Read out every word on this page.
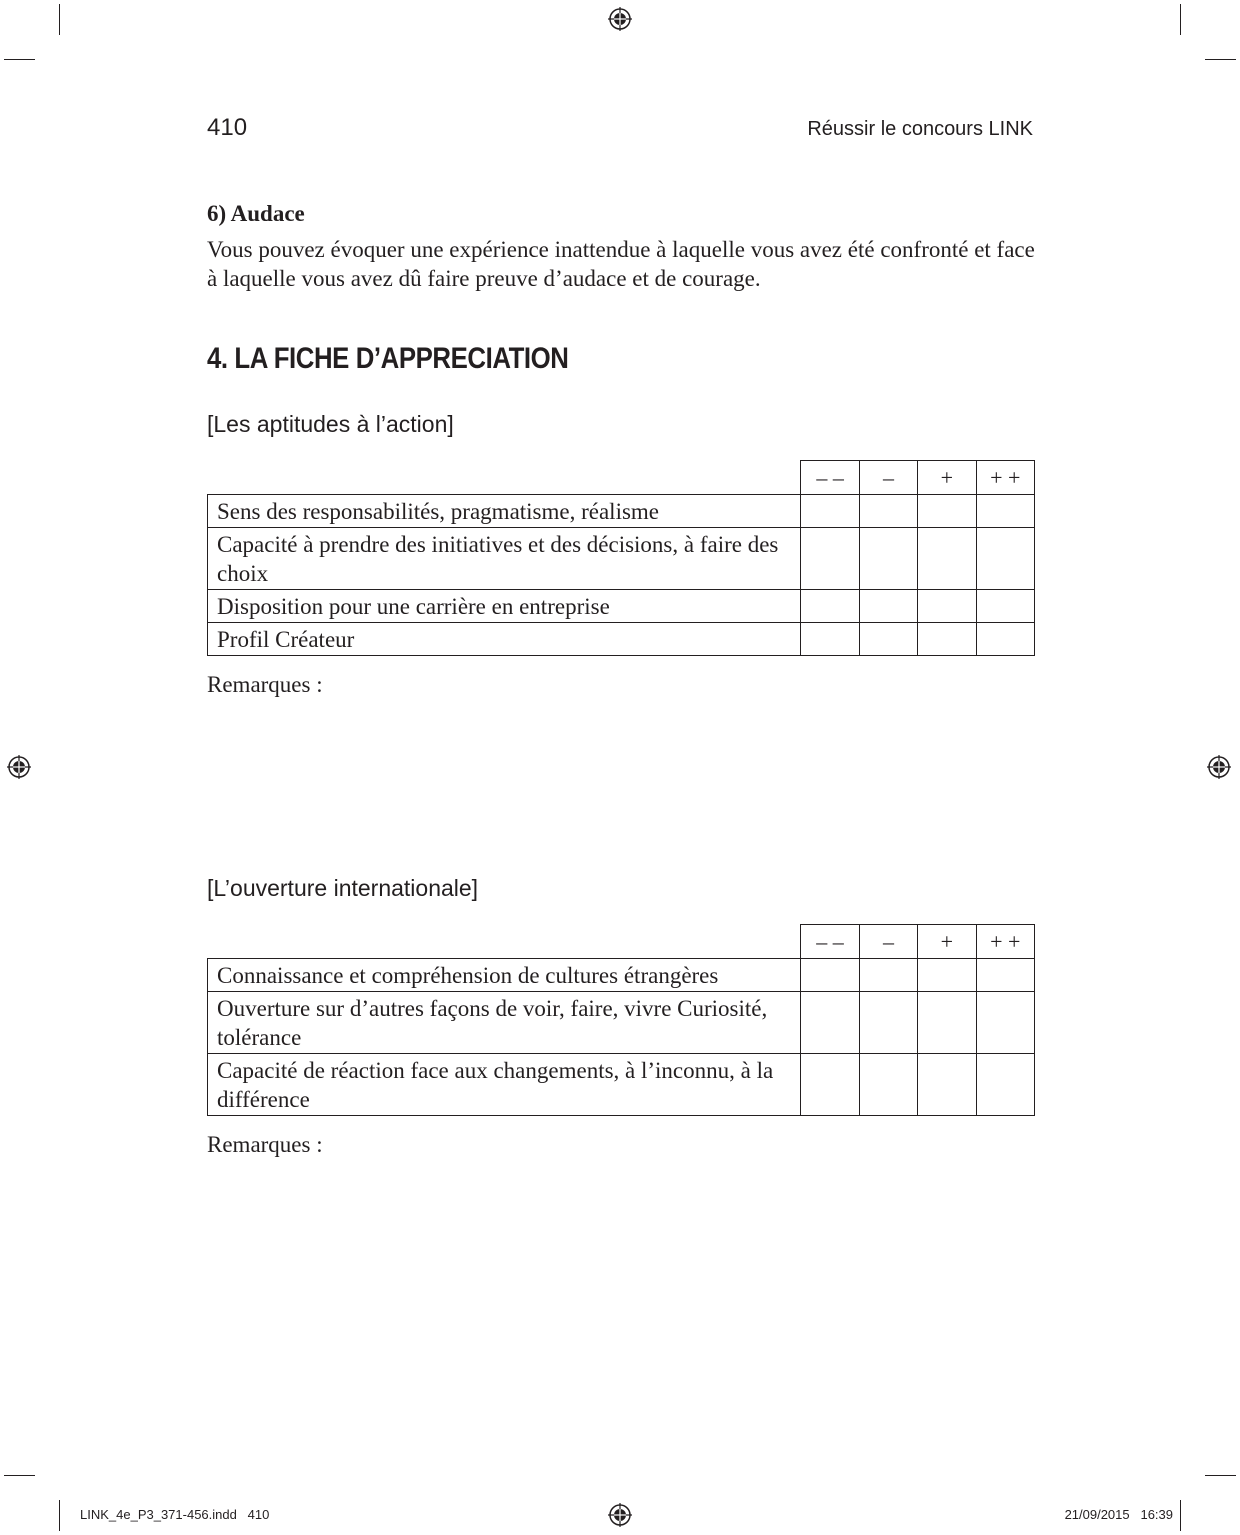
410	Réussir le concours LINK
6) Audace
Vous pouvez évoquer une expérience inattendue à laquelle vous avez été confronté et face à laquelle vous avez dû faire preuve d’audace et de courage.
4. LA FICHE D’APPRECIATION
[Les aptitudes à l’action]
	– –	–	+	+ +
Sens des responsabilités, pragmatisme, réalisme				
Capacité à prendre des initiatives et des décisions, à faire des choix				
Disposition pour une carrière en entreprise				
Profil Créateur				
Remarques :
[L’ouverture internationale]
	– –	–	+	+ +
Connaissance et compréhension de cultures étrangères				
Ouverture sur d’autres façons de voir, faire, vivre Curiosité, tolérance				
Capacité de réaction face aux changements, à l’inconnu, à la différence				
Remarques :
LINK_4e_P3_371-456.indd   410	21/09/2015   16:39
